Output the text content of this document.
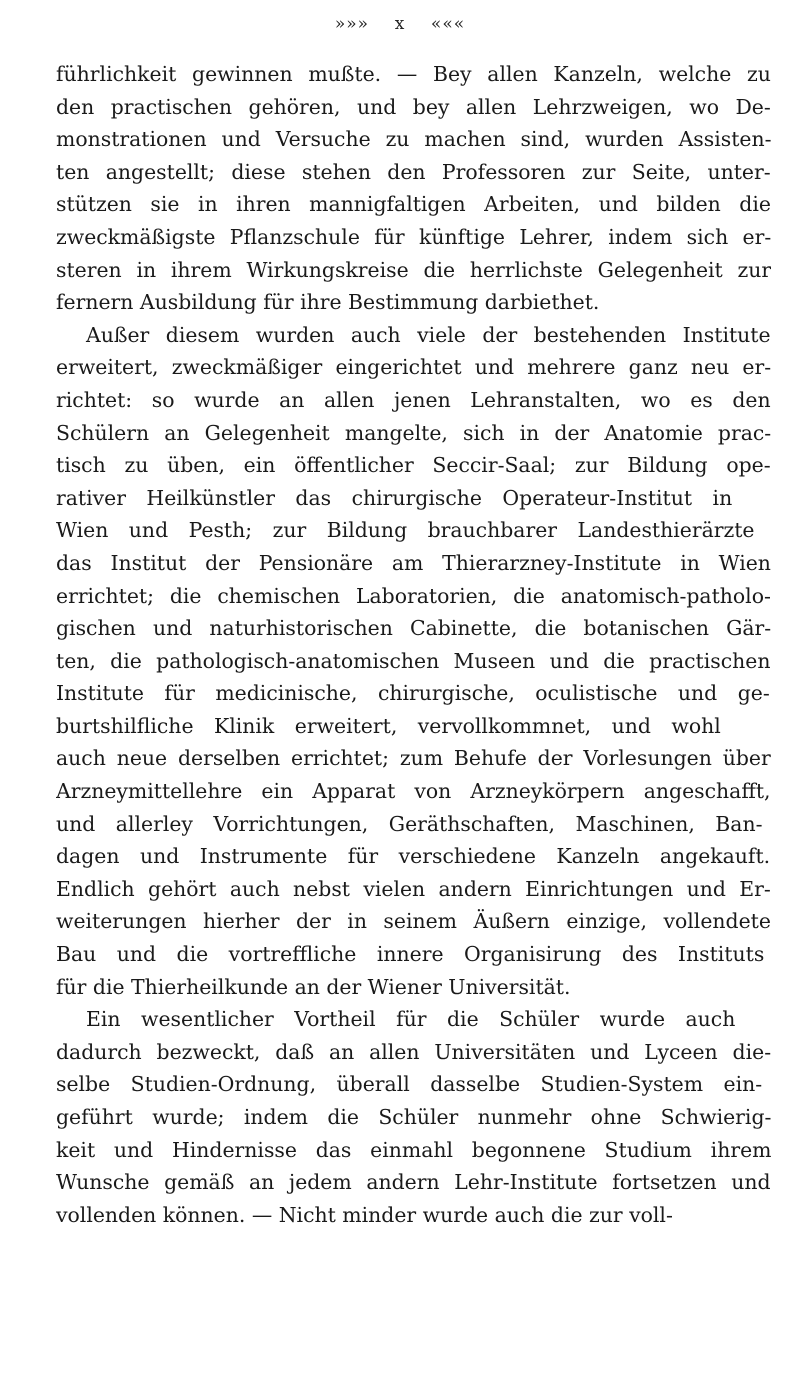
»»» x «««
führlichkeit gewinnen mußte. — Bey allen Kanzeln, welche zu
den practischen gehören, und bey allen Lehrzweigen, wo De-
monstrationen und Versuche zu machen sind, wurden Assisten-
ten angestellt; diese stehen den Professoren zur Seite, unter-
stützen sie in ihren mannigfaltigen Arbeiten, und bilden die
zweckmäßigste Pflanzschule für künftige Lehrer, indem sich er-
steren in ihrem Wirkungskreise die herrlichste Gelegenheit zur
fernern Ausbildung für ihre Bestimmung darbiethet.
Außer diesem wurden auch viele der bestehenden Institute
erweitert, zweckmäßiger eingerichtet und mehrere ganz neu er-
richtet: so wurde an allen jenen Lehranstalten, wo es den
Schülern an Gelegenheit mangelte, sich in der Anatomie prac-
tisch zu üben, ein öffentlicher Seccir-Saal; zur Bildung ope-
rativer Heilkünstler das chirurgische Operateur-Institut in
Wien und Pesth; zur Bildung brauchbarer Landesthierärzte
das Institut der Pensionäre am Thierarzney-Institute in Wien
errichtet; die chemischen Laboratorien, die anatomisch-patholo-
gischen und naturhistorischen Cabinette, die botanischen Gär-
ten, die pathologisch-anatomischen Museen und die practischen
Institute für medicinische, chirurgische, oculistische und ge-
burtshilfliche Klinik erweitert, vervollkommnet, und wohl
auch neue derselben errichtet; zum Behufe der Vorlesungen über
Arzneymittellehre ein Apparat von Arzneykörpern angeschafft,
und allerley Vorrichtungen, Geräthschaften, Maschinen, Ban-
dagen und Instrumente für verschiedene Kanzeln angekauft.
Endlich gehört auch nebst vielen andern Einrichtungen und Er-
weiterungen hierher der in seinem Äußern einzige, vollendete
Bau und die vortreffliche innere Organisirung des Instituts
für die Thierheilkunde an der Wiener Universität.
Ein wesentlicher Vortheil für die Schüler wurde auch
dadurch bezweckt, daß an allen Universitäten und Lyceen die-
selbe Studien-Ordnung, überall dasselbe Studien-System ein-
geführt wurde; indem die Schüler nunmehr ohne Schwierig-
keit und Hindernisse das einmahl begonnene Studium ihrem
Wunsche gemäß an jedem andern Lehr-Institute fortsetzen und
vollenden können. — Nicht minder wurde auch die zur voll-
